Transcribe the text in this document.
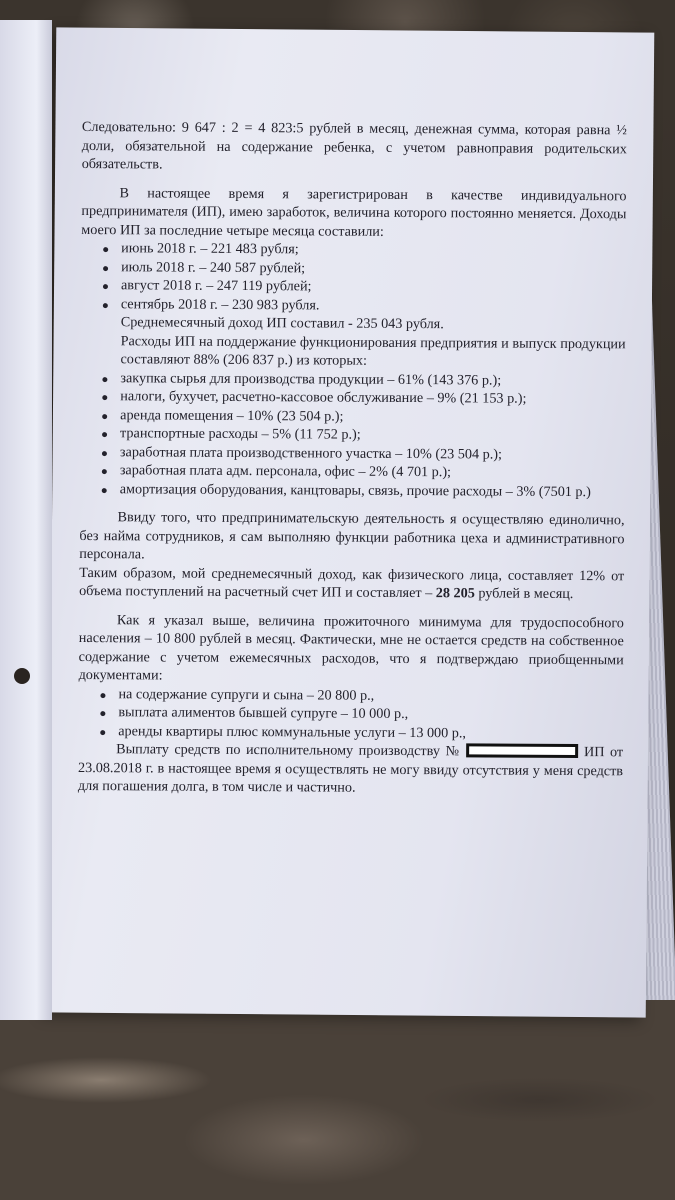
Следовательно: 9 647 : 2 = 4 823:5 рублей в месяц, денежная сумма, которая равна ½ доли, обязательной на содержание ребенка, с учетом равноправия родительских обязательств.

В настоящее время я зарегистрирован в качестве индивидуального предпринимателя (ИП), имею заработок, величина которого постоянно меняется. Доходы моего ИП за последние четыре месяца составили:

июнь 2018 г. – 221 483 рубля;

июль 2018 г. – 240 587 рублей;

август 2018 г. – 247 119 рублей;

сентябрь 2018 г. – 230 983 рубля.

Среднемесячный доход ИП составил - 235 043 рубля.

Расходы ИП на поддержание функционирования предприятия и выпуск продукции составляют 88% (206 837 р.) из которых:

закупка сырья для производства продукции – 61% (143 376 р.);

налоги, бухучет, расчетно-кассовое обслуживание – 9% (21 153 р.);

аренда помещения – 10% (23 504 р.);

транспортные расходы – 5% (11 752 р.);

заработная плата производственного участка – 10% (23 504 р.);

заработная плата адм. персонала, офис – 2% (4 701 р.);

амортизация оборудования, канцтовары, связь, прочие расходы – 3% (7501 р.)

Ввиду того, что предпринимательскую деятельность я осуществляю единолично, без найма сотрудников, я сам выполняю функции работника цеха и административного персонала.

Таким образом, мой среднемесячный доход, как физического лица, составляет 12% от объема поступлений на расчетный счет ИП и составляет – 28 205 рублей в месяц.

Как я указал выше, величина прожиточного минимума для трудоспособного населения – 10 800 рублей в месяц. Фактически, мне не остается средств на собственное содержание с учетом ежемесячных расходов, что я подтверждаю приобщенными документами:

на содержание супруги и сына – 20 800 р.,

выплата алиментов бывшей супруге – 10 000 р.,

аренды квартиры плюс коммунальные услуги – 13 000 р.,

Выплату средств по исполнительному производству №	ИП от 23.08.2018 г. в настоящее время я осуществлять не могу ввиду отсутствия у меня средств для погашения долга, в том числе и частично.
